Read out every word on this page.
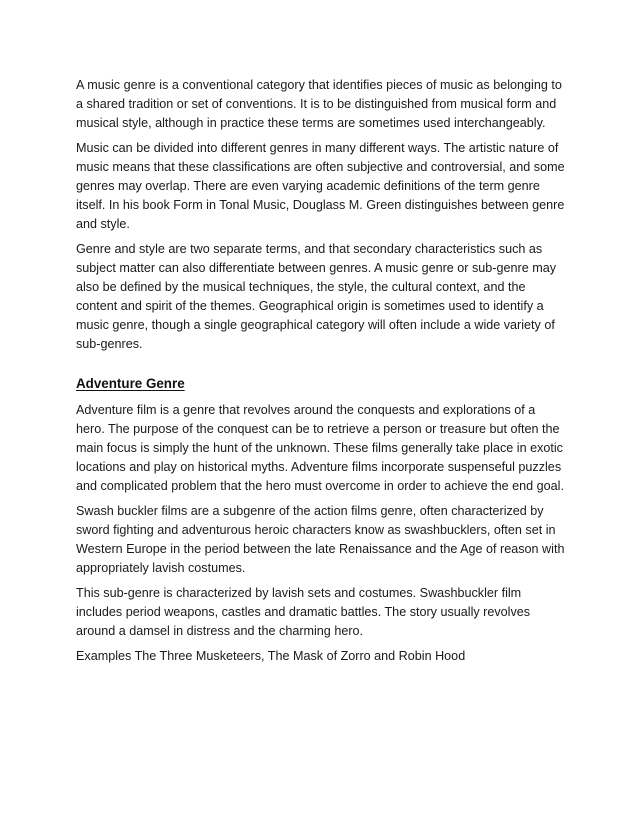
A music genre is a conventional category that identifies pieces of music as belonging to a shared tradition or set of conventions. It is to be distinguished from musical form and musical style, although in practice these terms are sometimes used interchangeably.

Music can be divided into different genres in many different ways. The artistic nature of music means that these classifications are often subjective and controversial, and some genres may overlap. There are even varying academic definitions of the term genre itself. In his book Form in Tonal Music, Douglass M. Green distinguishes between genre and style.

Genre and style are two separate terms, and that secondary characteristics such as subject matter can also differentiate between genres. A music genre or sub-genre may also be defined by the musical techniques, the style, the cultural context, and the content and spirit of the themes. Geographical origin is sometimes used to identify a music genre, though a single geographical category will often include a wide variety of sub-genres.

Adventure Genre

Adventure film is a genre that revolves around the conquests and explorations of a hero. The purpose of the conquest can be to retrieve a person or treasure but often the main focus is simply the hunt of the unknown. These films generally take place in exotic locations and play on historical myths. Adventure films incorporate suspenseful puzzles and complicated problem that the hero must overcome in order to achieve the end goal.

Swash buckler films are a subgenre of the action films genre, often characterized by sword fighting and adventurous heroic characters know as swashbucklers, often set in Western Europe in the period between the late Renaissance and the Age of reason with appropriately lavish costumes.

This sub-genre is characterized by lavish sets and costumes. Swashbuckler film includes period weapons, castles and dramatic battles. The story usually revolves around a damsel in distress and the charming hero.

Examples The Three Musketeers, The Mask of Zorro and Robin Hood
